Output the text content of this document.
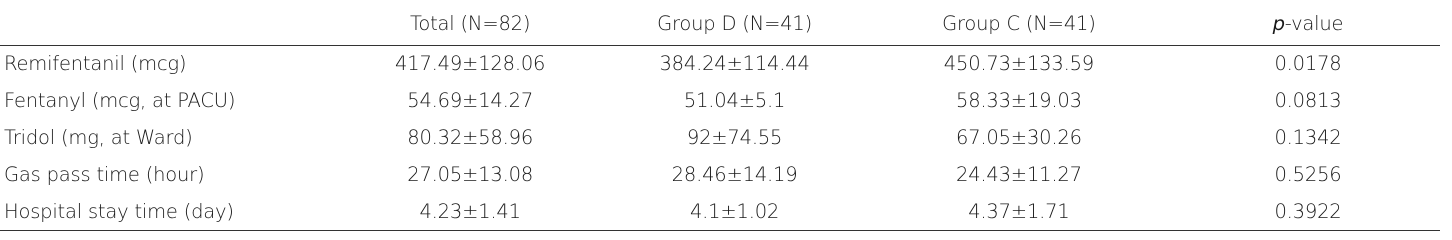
	Total (N=82)	Group D (N=41)	Group C (N=41)	p-value
Remifentanil (mcg)	417.49±128.06	384.24±114.44	450.73±133.59	0.0178
Fentanyl (mcg, at PACU)	54.69±14.27	51.04±5.1	58.33±19.03	0.0813
Tridol (mg, at Ward)	80.32±58.96	92±74.55	67.05±30.26	0.1342
Gas pass time (hour)	27.05±13.08	28.46±14.19	24.43±11.27	0.5256
Hospital stay time (day)	4.23±1.41	4.1±1.02	4.37±1.71	0.3922
